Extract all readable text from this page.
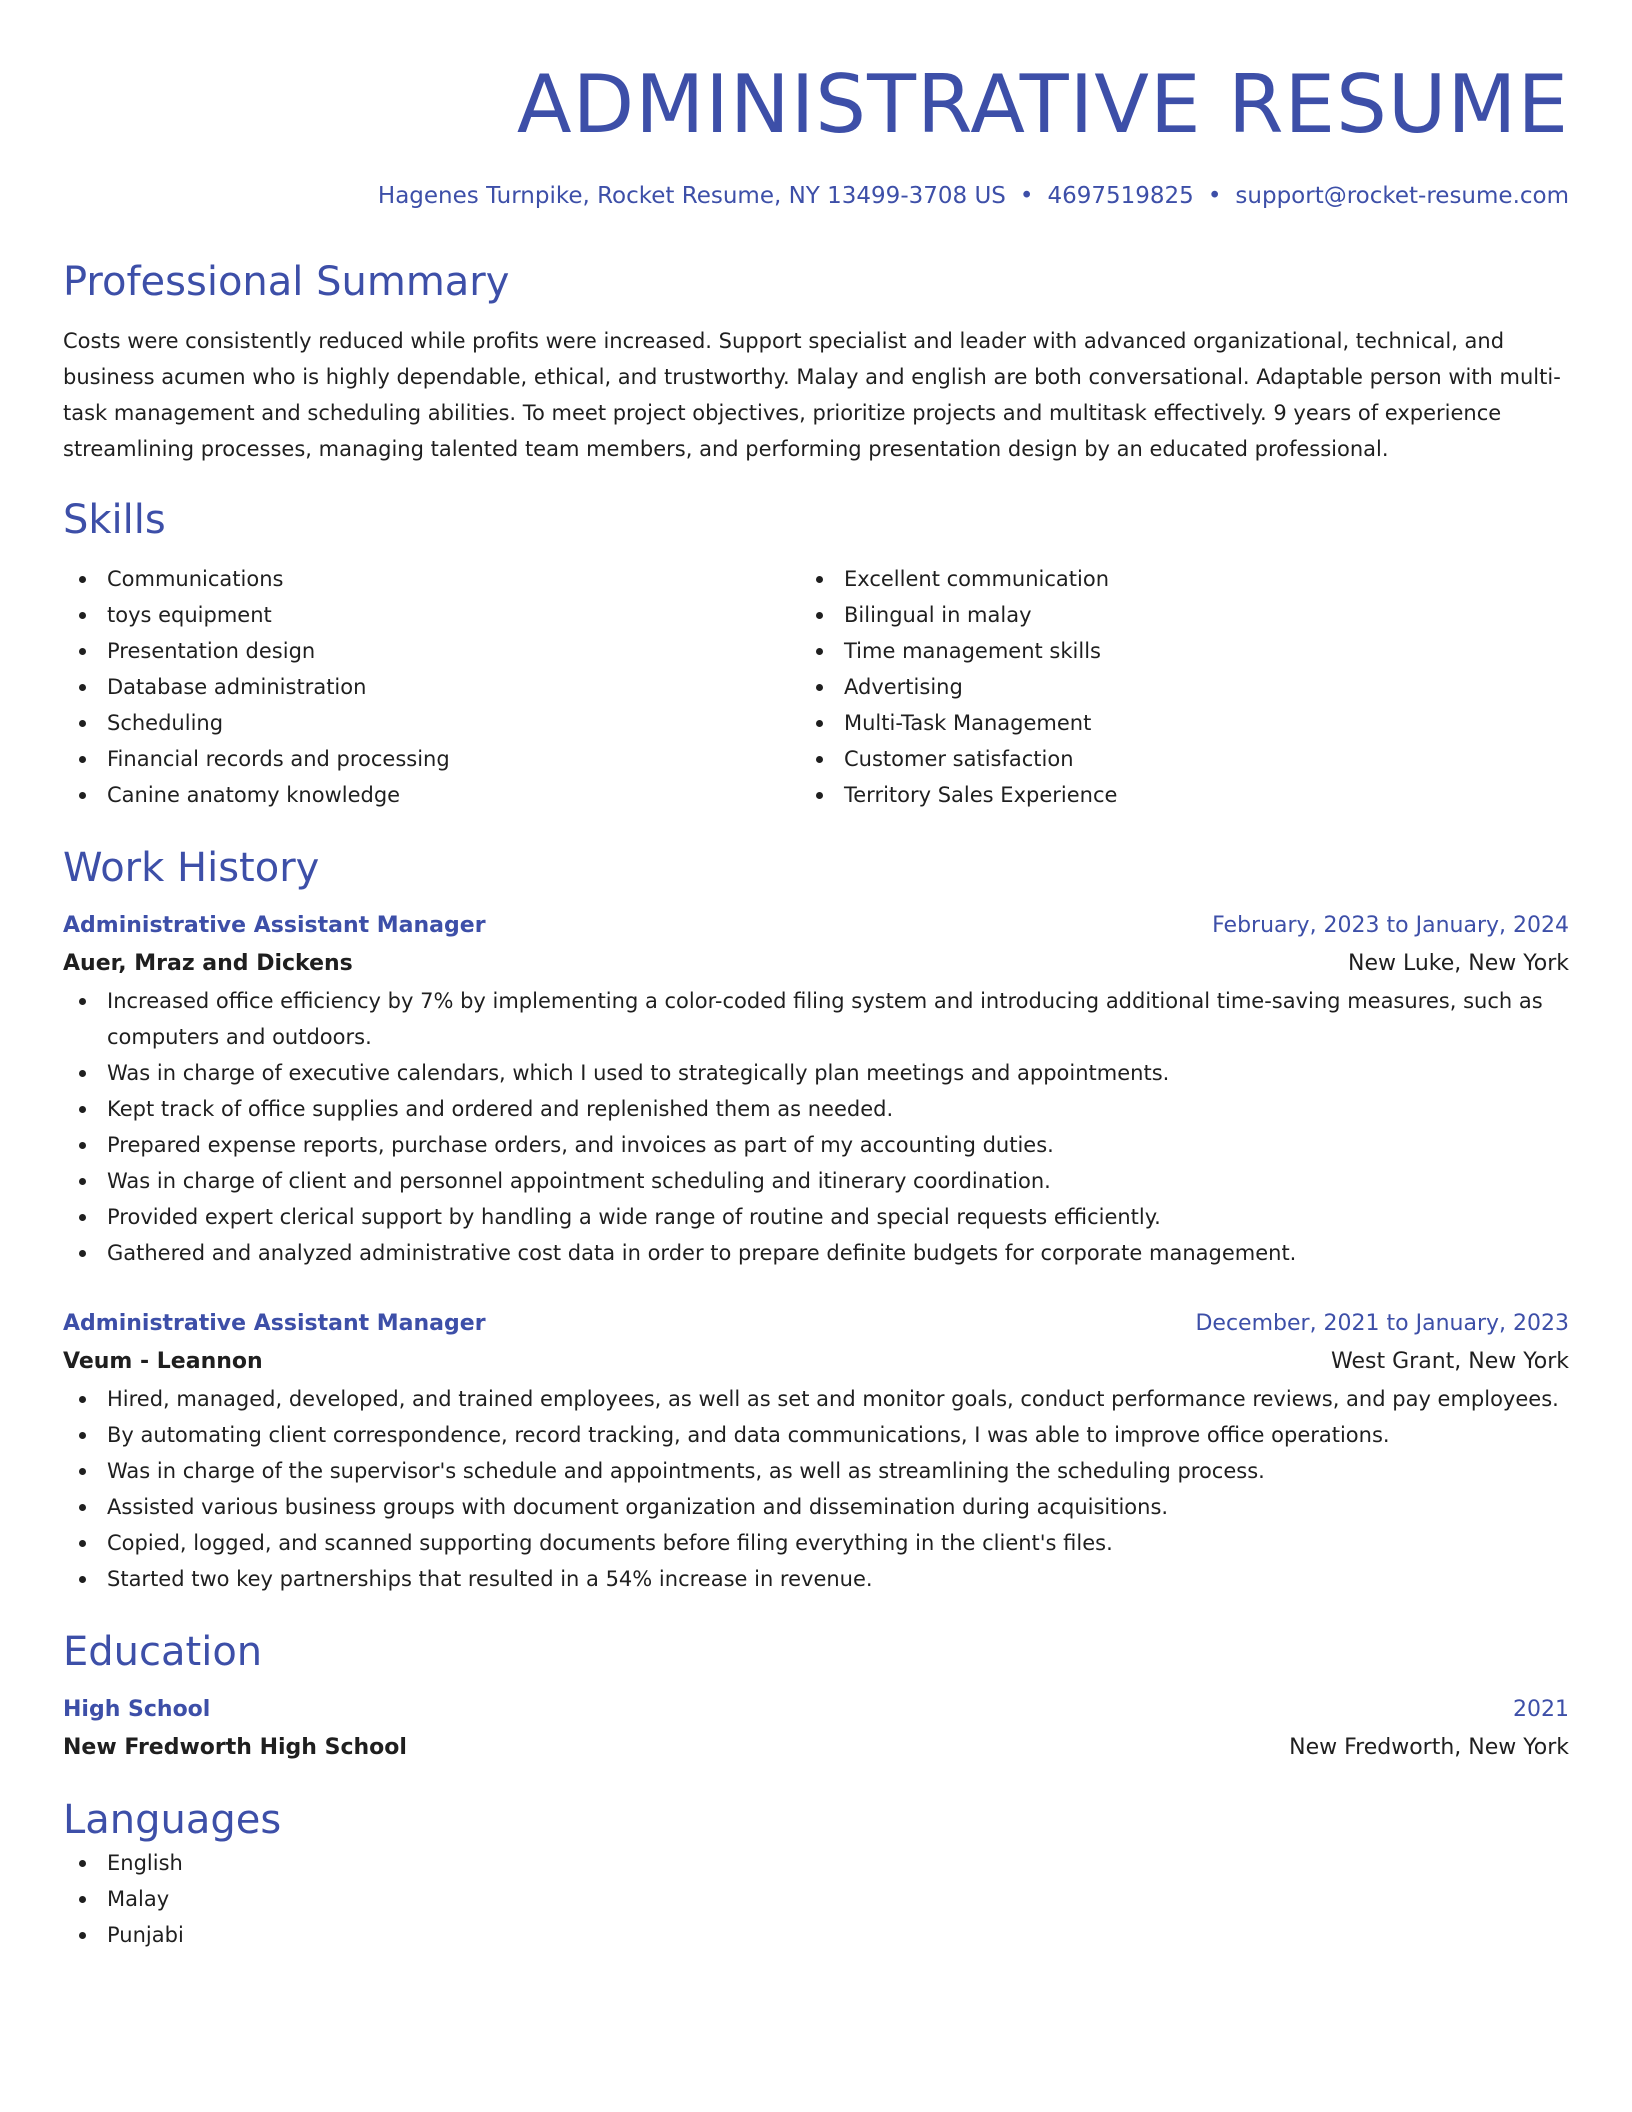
ADMINISTRATIVE RESUME
Hagenes Turnpike, Rocket Resume, NY 13499-3708 US • 4697519825 • support@rocket-resume.com
Professional Summary

Costs were consistently reduced while profits were increased. Support specialist and leader with advanced organizational, technical, and business acumen who is highly dependable, ethical, and trustworthy. Malay and english are both conversational. Adaptable person with multi-task management and scheduling abilities. To meet project objectives, prioritize projects and multitask effectively. 9 years of experience streamlining processes, managing talented team members, and performing presentation design by an educated professional.

Skills
Communications
toys equipment
Presentation design
Database administration
Scheduling
Financial records and processing
Canine anatomy knowledge
Excellent communication
Bilingual in malay
Time management skills
Advertising
Multi-Task Management
Customer satisfaction
Territory Sales Experience
Work History
Administrative Assistant Manager	February, 2023 to January, 2024
Auer, Mraz and Dickens	New Luke, New York
Increased office efficiency by 7% by implementing a color-coded filing system and introducing additional time-saving measures, such as computers and outdoors.
Was in charge of executive calendars, which I used to strategically plan meetings and appointments.
Kept track of office supplies and ordered and replenished them as needed.
Prepared expense reports, purchase orders, and invoices as part of my accounting duties.
Was in charge of client and personnel appointment scheduling and itinerary coordination.
Provided expert clerical support by handling a wide range of routine and special requests efficiently.
Gathered and analyzed administrative cost data in order to prepare definite budgets for corporate management.
Administrative Assistant Manager	December, 2021 to January, 2023
Veum - Leannon	West Grant, New York
Hired, managed, developed, and trained employees, as well as set and monitor goals, conduct performance reviews, and pay employees.
By automating client correspondence, record tracking, and data communications, I was able to improve office operations.
Was in charge of the supervisor's schedule and appointments, as well as streamlining the scheduling process.
Assisted various business groups with document organization and dissemination during acquisitions.
Copied, logged, and scanned supporting documents before filing everything in the client's files.
Started two key partnerships that resulted in a 54% increase in revenue.
Education
High School	2021
New Fredworth High School	New Fredworth, New York
Languages
English
Malay
Punjabi
